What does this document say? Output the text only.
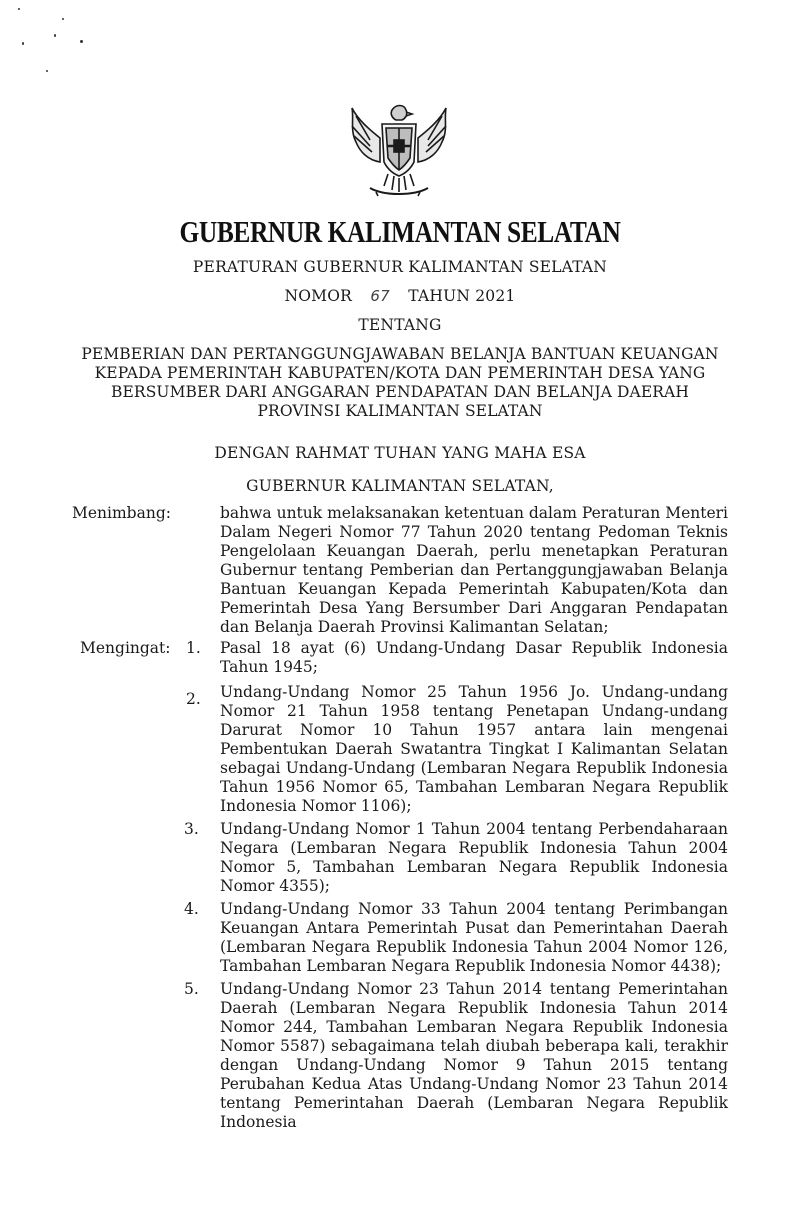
GUBERNUR KALIMANTAN SELATAN
PERATURAN GUBERNUR KALIMANTAN SELATAN
NOMOR 67 TAHUN 2021
TENTANG
PEMBERIAN DAN PERTANGGUNGJAWABAN BELANJA BANTUAN KEUANGAN
KEPADA PEMERINTAH KABUPATEN/KOTA DAN PEMERINTAH DESA YANG
BERSUMBER DARI ANGGARAN PENDAPATAN DAN BELANJA DAERAH
PROVINSI KALIMANTAN SELATAN
DENGAN RAHMAT TUHAN YANG MAHA ESA
GUBERNUR KALIMANTAN SELATAN,
Menimbang:	bahwa untuk melaksanakan ketentuan dalam Peraturan Menteri Dalam Negeri Nomor 77 Tahun 2020 tentang Pedoman Teknis Pengelolaan Keuangan Daerah, perlu menetapkan Peraturan Gubernur tentang Pemberian dan Pertanggungjawaban Belanja Bantuan Keuangan Kepada Pemerintah Kabupaten/Kota dan Pemerintah Desa Yang Bersumber Dari Anggaran Pendapatan dan Belanja Daerah Provinsi Kalimantan Selatan;
Mengingat: 1. Pasal 18 ayat (6) Undang-Undang Dasar Republik Indonesia Tahun 1945;
2. Undang-Undang Nomor 25 Tahun 1956 Jo. Undang-undang Nomor 21 Tahun 1958 tentang Penetapan Undang-undang Darurat Nomor 10 Tahun 1957 antara lain mengenai Pembentukan Daerah Swatantra Tingkat I Kalimantan Selatan sebagai Undang-Undang (Lembaran Negara Republik Indonesia Tahun 1956 Nomor 65, Tambahan Lembaran Negara Republik Indonesia Nomor 1106);
3. Undang-Undang Nomor 1 Tahun 2004 tentang Perbendaharaan Negara (Lembaran Negara Republik Indonesia Tahun 2004 Nomor 5, Tambahan Lembaran Negara Republik Indonesia Nomor 4355);
4. Undang-Undang Nomor 33 Tahun 2004 tentang Perimbangan Keuangan Antara Pemerintah Pusat dan Pemerintahan Daerah (Lembaran Negara Republik Indonesia Tahun 2004 Nomor 126, Tambahan Lembaran Negara Republik Indonesia Nomor 4438);
5. Undang-Undang Nomor 23 Tahun 2014 tentang Pemerintahan Daerah (Lembaran Negara Republik Indonesia Tahun 2014 Nomor 244, Tambahan Lembaran Negara Republik Indonesia Nomor 5587) sebagaimana telah diubah beberapa kali, terakhir dengan Undang-Undang Nomor 9 Tahun 2015 tentang Perubahan Kedua Atas Undang-Undang Nomor 23 Tahun 2014 tentang Pemerintahan Daerah (Lembaran Negara Republik Indonesia
